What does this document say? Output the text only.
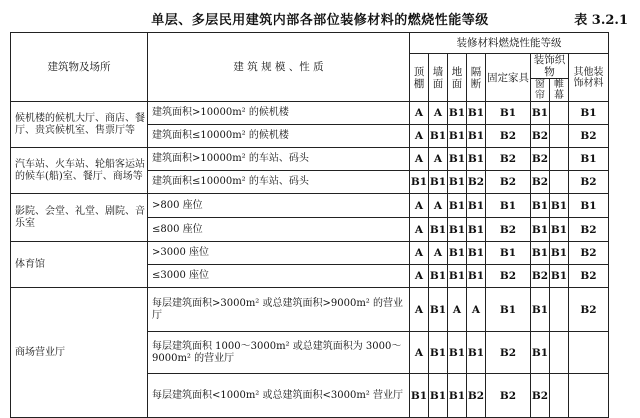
单层、多层民用建筑内部各部位装修材料的燃烧性能等级	表 3.2.1
建筑物及场所	建 筑 规 模 、性 质	装修材料燃烧性能等级							
		顶棚	墙面	地面	隔断	固定家具	装饰织物		其他装饰材料
							窗帘	帷幕	
候机楼的候机大厅、商店、餐厅、贵宾候机室、售票厅等	建筑面积>10000m² 的候机楼	A	A	B1	B1	B1	B1		B1
	建筑面积≤10000m² 的候机楼	A	B1	B1	B1	B2	B2		B2
汽车站、火车站、轮船客运站的候车(船)室、餐厅、商场等	建筑面积>10000m² 的车站、码头	A	A	B1	B1	B2	B2		B1
	建筑面积≤10000m² 的车站、码头	B1	B1	B1	B2	B2	B2		B2
影院、会堂、礼堂、剧院、音乐室	>800 座位	A	A	B1	B1	B1	B1	B1	B1
	≤800 座位	A	B1	B1	B1	B2	B1	B1	B2
体育馆	>3000 座位	A	A	B1	B1	B1	B1	B1	B2
	≤3000 座位	A	B1	B1	B1	B2	B2	B1	B2
商场营业厅	每层建筑面积>3000m² 或总建筑面积>9000m² 的营业厅	A	B1	A	A	B1	B1		B2
	每层建筑面积 1000～3000m² 或总建筑面积为 3000～9000m² 的营业厅	A	B1	B1	B1	B2	B1		
	每层建筑面积<1000m² 或总建筑面积<3000m² 营业厅	B1	B1	B1	B2	B2	B2		
